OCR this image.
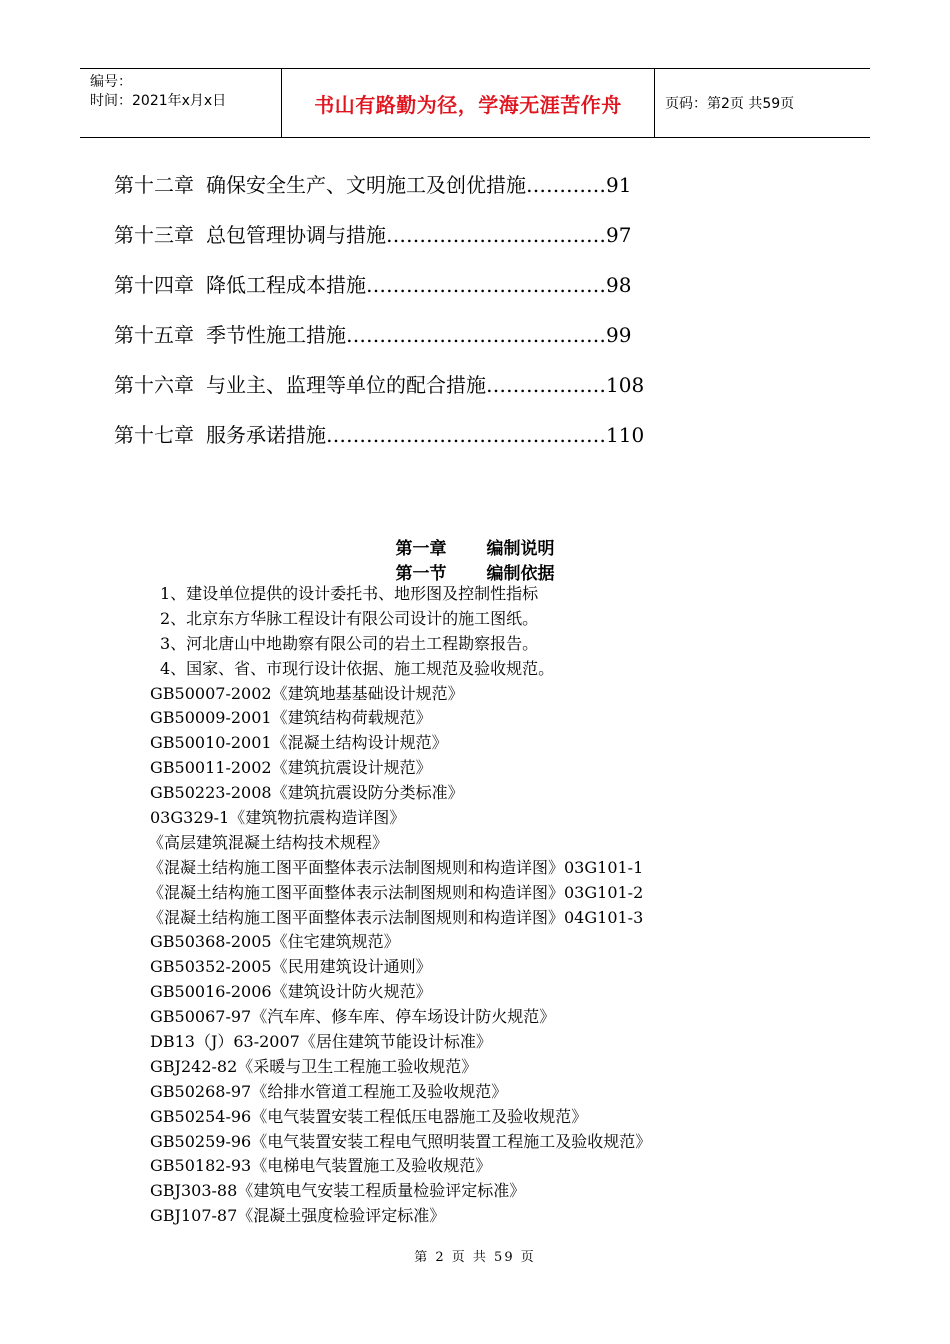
编号：
时间：2021年x月x日	书山有路勤为径，学海无涯苦作舟	页码：第2页 共59页
第十二章 确保安全生产、文明施工及创优措施…………91
第十三章 总包管理协调与措施……………………………97
第十四章 降低工程成本措施………………………………98
第十五章 季节性施工措施…………………………………99
第十六章 与业主、监理等单位的配合措施………………108
第十七章 服务承诺措施……………………………………110
第一章 编制说明
第一节 编制依据
1、建设单位提供的设计委托书、地形图及控制性指标
2、北京东方华脉工程设计有限公司设计的施工图纸。
3、河北唐山中地勘察有限公司的岩土工程勘察报告。
4、国家、省、市现行设计依据、施工规范及验收规范。
GB50007-2002《建筑地基基础设计规范》
GB50009-2001《建筑结构荷载规范》
GB50010-2001《混凝土结构设计规范》
GB50011-2002《建筑抗震设计规范》
GB50223-2008《建筑抗震设防分类标准》
03G329-1《建筑物抗震构造详图》
《高层建筑混凝土结构技术规程》
《混凝土结构施工图平面整体表示法制图规则和构造详图》03G101-1
《混凝土结构施工图平面整体表示法制图规则和构造详图》03G101-2
《混凝土结构施工图平面整体表示法制图规则和构造详图》04G101-3
GB50368-2005《住宅建筑规范》
GB50352-2005《民用建筑设计通则》
GB50016-2006《建筑设计防火规范》
GB50067-97《汽车库、修车库、停车场设计防火规范》
DB13（J）63-2007《居住建筑节能设计标准》
GBJ242-82《采暖与卫生工程施工验收规范》
GB50268-97《给排水管道工程施工及验收规范》
GB50254-96《电气装置安装工程低压电器施工及验收规范》
GB50259-96《电气装置安装工程电气照明装置工程施工及验收规范》
GB50182-93《电梯电气装置施工及验收规范》
GBJ303-88《建筑电气安装工程质量检验评定标准》
GBJ107-87《混凝土强度检验评定标准》
第 2 页 共 59 页
